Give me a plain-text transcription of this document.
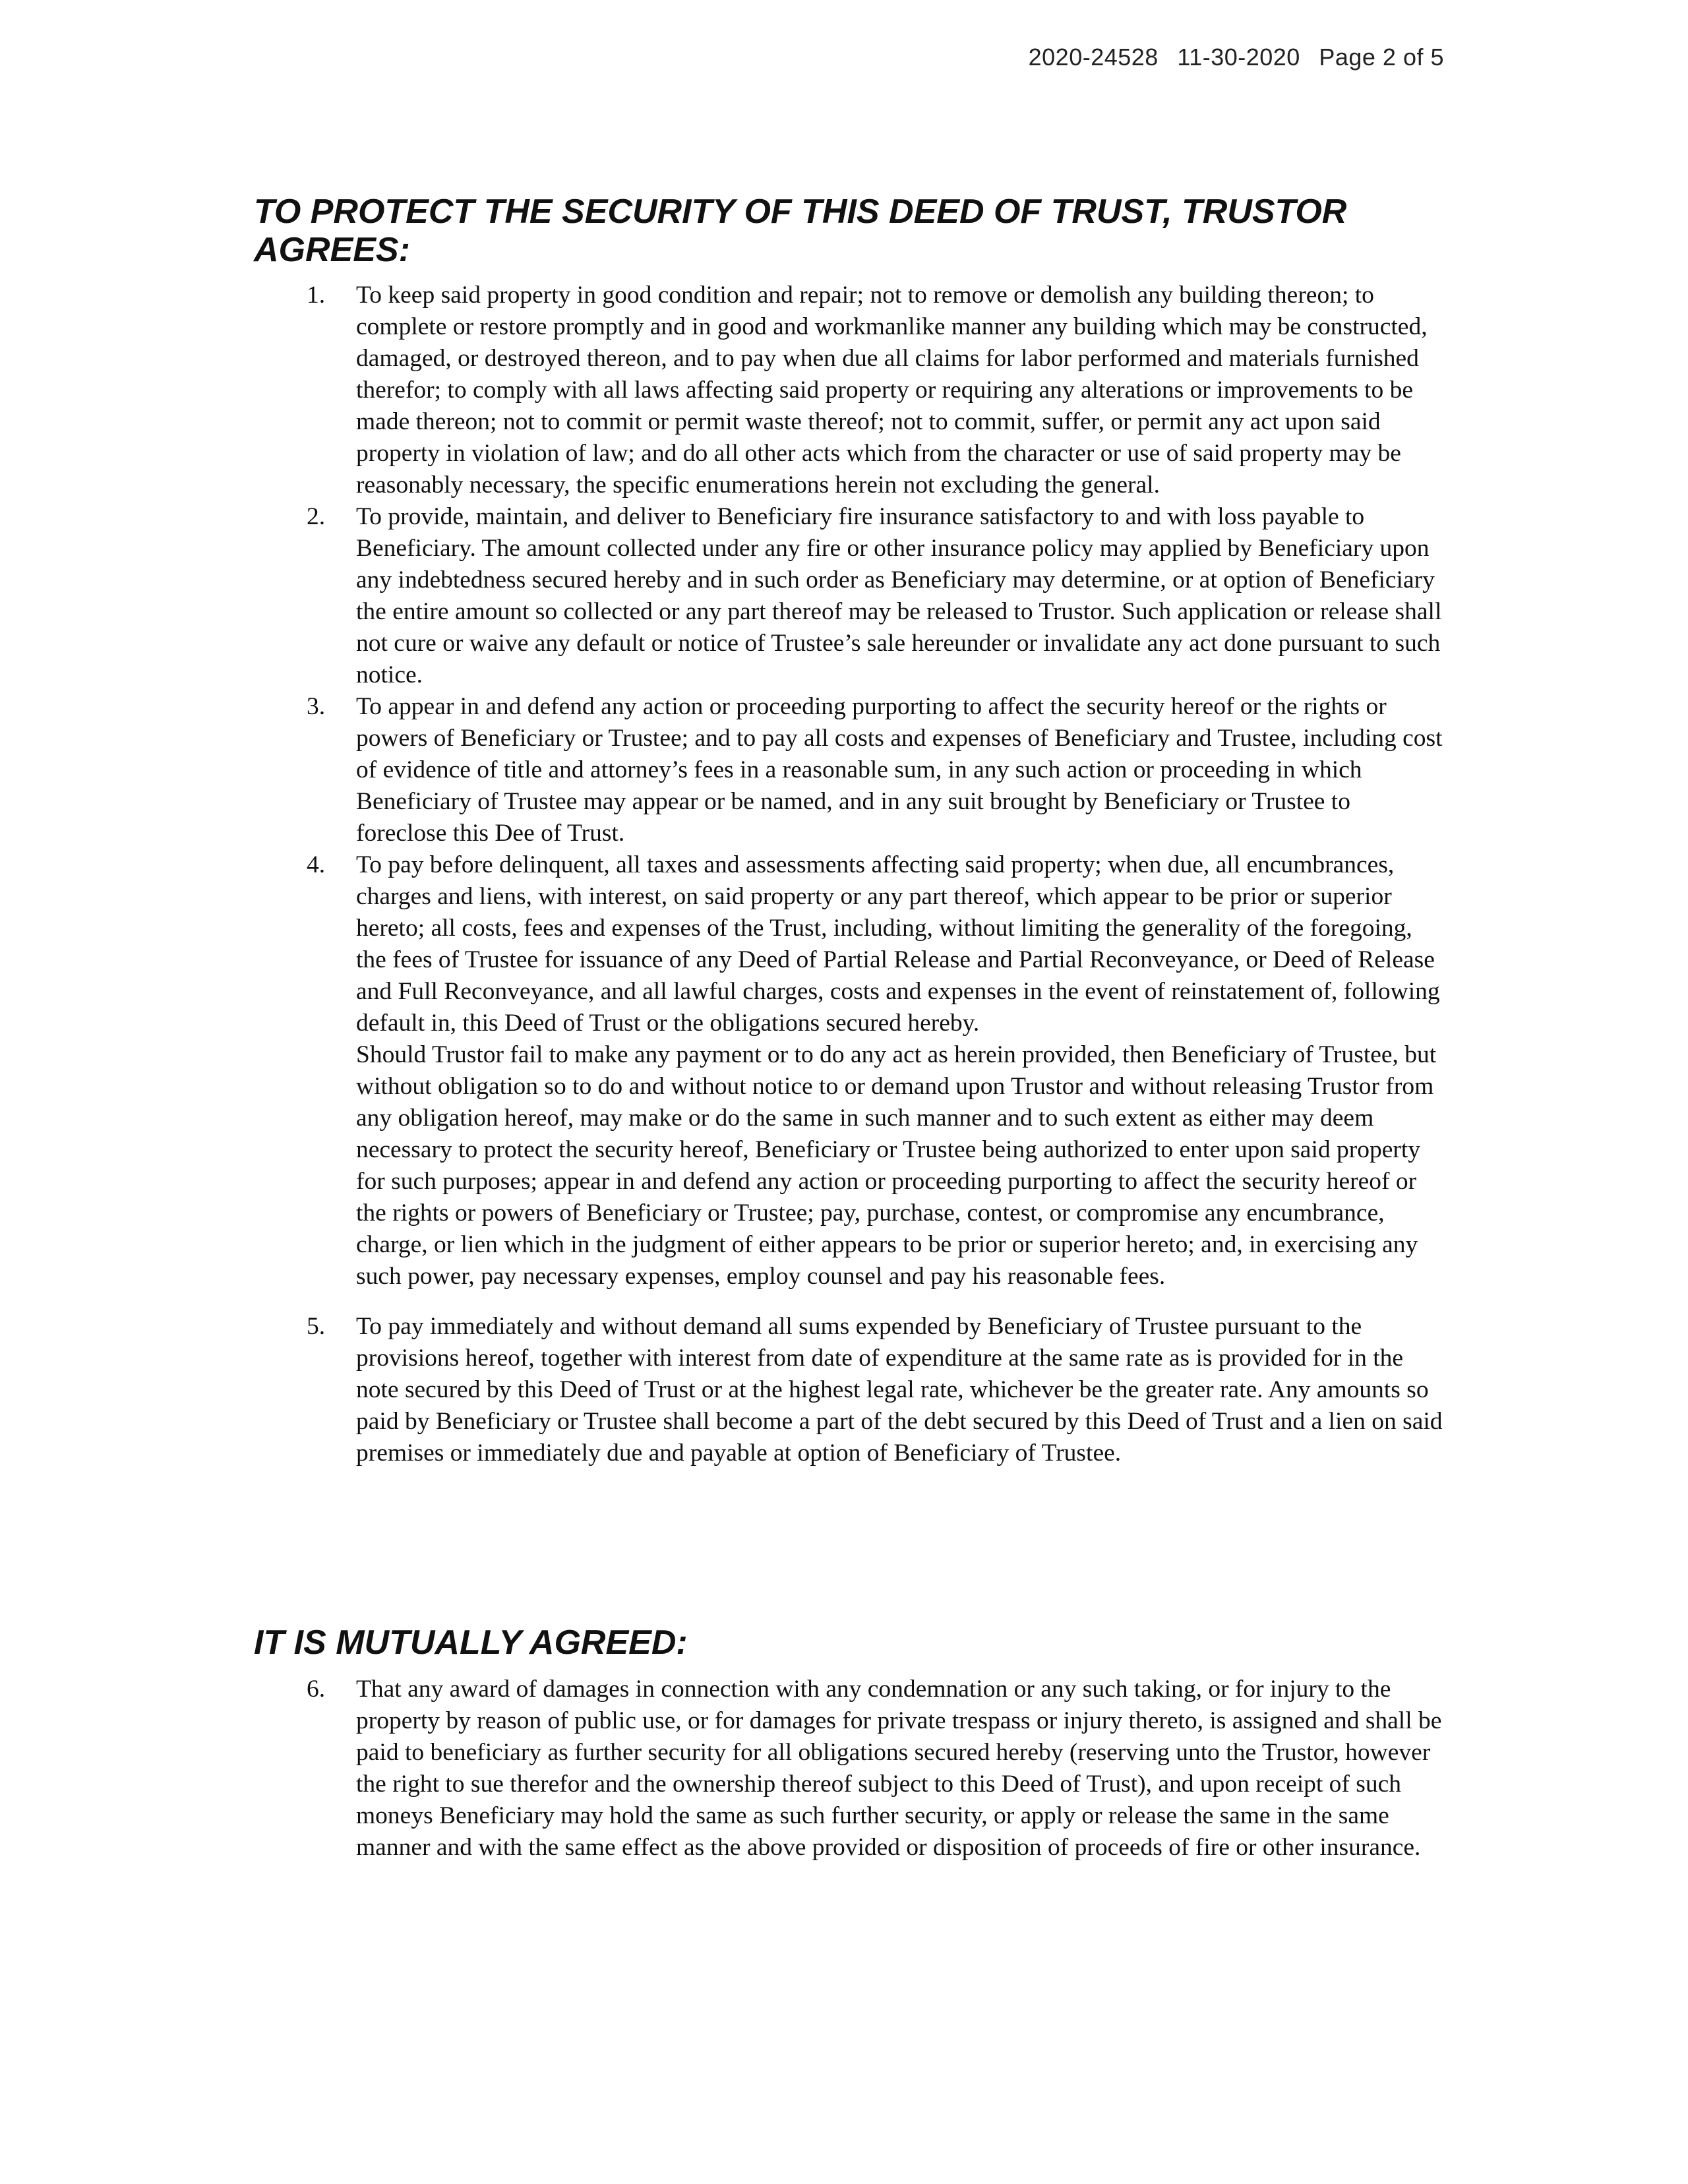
2020-24528 11-30-2020 Page 2 of 5
TO PROTECT THE SECURITY OF THIS DEED OF TRUST, TRUSTOR AGREES:
1. To keep said property in good condition and repair; not to remove or demolish any building thereon; to complete or restore promptly and in good and workmanlike manner any building which may be constructed, damaged, or destroyed thereon, and to pay when due all claims for labor performed and materials furnished therefor; to comply with all laws affecting said property or requiring any alterations or improvements to be made thereon; not to commit or permit waste thereof; not to commit, suffer, or permit any act upon said property in violation of law; and do all other acts which from the character or use of said property may be reasonably necessary, the specific enumerations herein not excluding the general.

2. To provide, maintain, and deliver to Beneficiary fire insurance satisfactory to and with loss payable to Beneficiary. The amount collected under any fire or other insurance policy may applied by Beneficiary upon any indebtedness secured hereby and in such order as Beneficiary may determine, or at option of Beneficiary the entire amount so collected or any part thereof may be released to Trustor. Such application or release shall not cure or waive any default or notice of Trustee’s sale hereunder or invalidate any act done pursuant to such notice.

3. To appear in and defend any action or proceeding purporting to affect the security hereof or the rights or powers of Beneficiary or Trustee; and to pay all costs and expenses of Beneficiary and Trustee, including cost of evidence of title and attorney’s fees in a reasonable sum, in any such action or proceeding in which Beneficiary of Trustee may appear or be named, and in any suit brought by Beneficiary or Trustee to foreclose this Dee of Trust.

4. To pay before delinquent, all taxes and assessments affecting said property; when due, all encumbrances, charges and liens, with interest, on said property or any part thereof, which appear to be prior or superior hereto; all costs, fees and expenses of the Trust, including, without limiting the generality of the foregoing, the fees of Trustee for issuance of any Deed of Partial Release and Partial Reconveyance, or Deed of Release and Full Reconveyance, and all lawful charges, costs and expenses in the event of reinstatement of, following default in, this Deed of Trust or the obligations secured hereby.

Should Trustor fail to make any payment or to do any act as herein provided, then Beneficiary of Trustee, but without obligation so to do and without notice to or demand upon Trustor and without releasing Trustor from any obligation hereof, may make or do the same in such manner and to such extent as either may deem necessary to protect the security hereof, Beneficiary or Trustee being authorized to enter upon said property for such purposes; appear in and defend any action or proceeding purporting to affect the security hereof or the rights or powers of Beneficiary or Trustee; pay, purchase, contest, or compromise any encumbrance, charge, or lien which in the judgment of either appears to be prior or superior hereto; and, in exercising any such power, pay necessary expenses, employ counsel and pay his reasonable fees.

5. To pay immediately and without demand all sums expended by Beneficiary of Trustee pursuant to the provisions hereof, together with interest from date of expenditure at the same rate as is provided for in the note secured by this Deed of Trust or at the highest legal rate, whichever be the greater rate. Any amounts so paid by Beneficiary or Trustee shall become a part of the debt secured by this Deed of Trust and a lien on said premises or immediately due and payable at option of Beneficiary of Trustee.

IT IS MUTUALLY AGREED:
6. That any award of damages in connection with any condemnation or any such taking, or for injury to the property by reason of public use, or for damages for private trespass or injury thereto, is assigned and shall be paid to beneficiary as further security for all obligations secured hereby (reserving unto the Trustor, however the right to sue therefor and the ownership thereof subject to this Deed of Trust), and upon receipt of such moneys Beneficiary may hold the same as such further security, or apply or release the same in the same manner and with the same effect as the above provided or disposition of proceeds of fire or other insurance.
